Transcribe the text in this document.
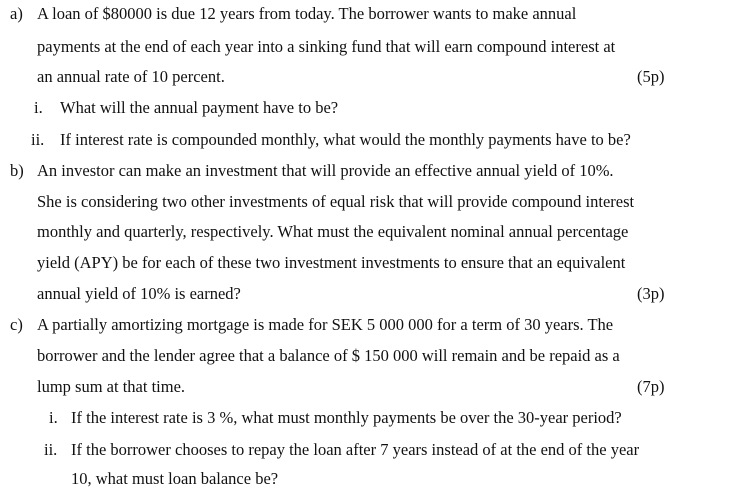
a) A loan of $80000 is due 12 years from today. The borrower wants to make annual
payments at the end of each year into a sinking fund that will earn compound interest at
an annual rate of 10 percent.	(5p)
i. What will the annual payment have to be?
ii. If interest rate is compounded monthly, what would the monthly payments have to be?
b) An investor can make an investment that will provide an effective annual yield of 10%.
She is considering two other investments of equal risk that will provide compound interest
monthly and quarterly, respectively. What must the equivalent nominal annual percentage
yield (APY) be for each of these two investment investments to ensure that an equivalent
annual yield of 10% is earned?	(3p)
c) A partially amortizing mortgage is made for SEK 5 000 000 for a term of 30 years. The
borrower and the lender agree that a balance of $ 150 000 will remain and be repaid as a
lump sum at that time.	(7p)
i. If the interest rate is 3 %, what must monthly payments be over the 30-year period?
ii. If the borrower chooses to repay the loan after 7 years instead of at the end of the year
10, what must loan balance be?
